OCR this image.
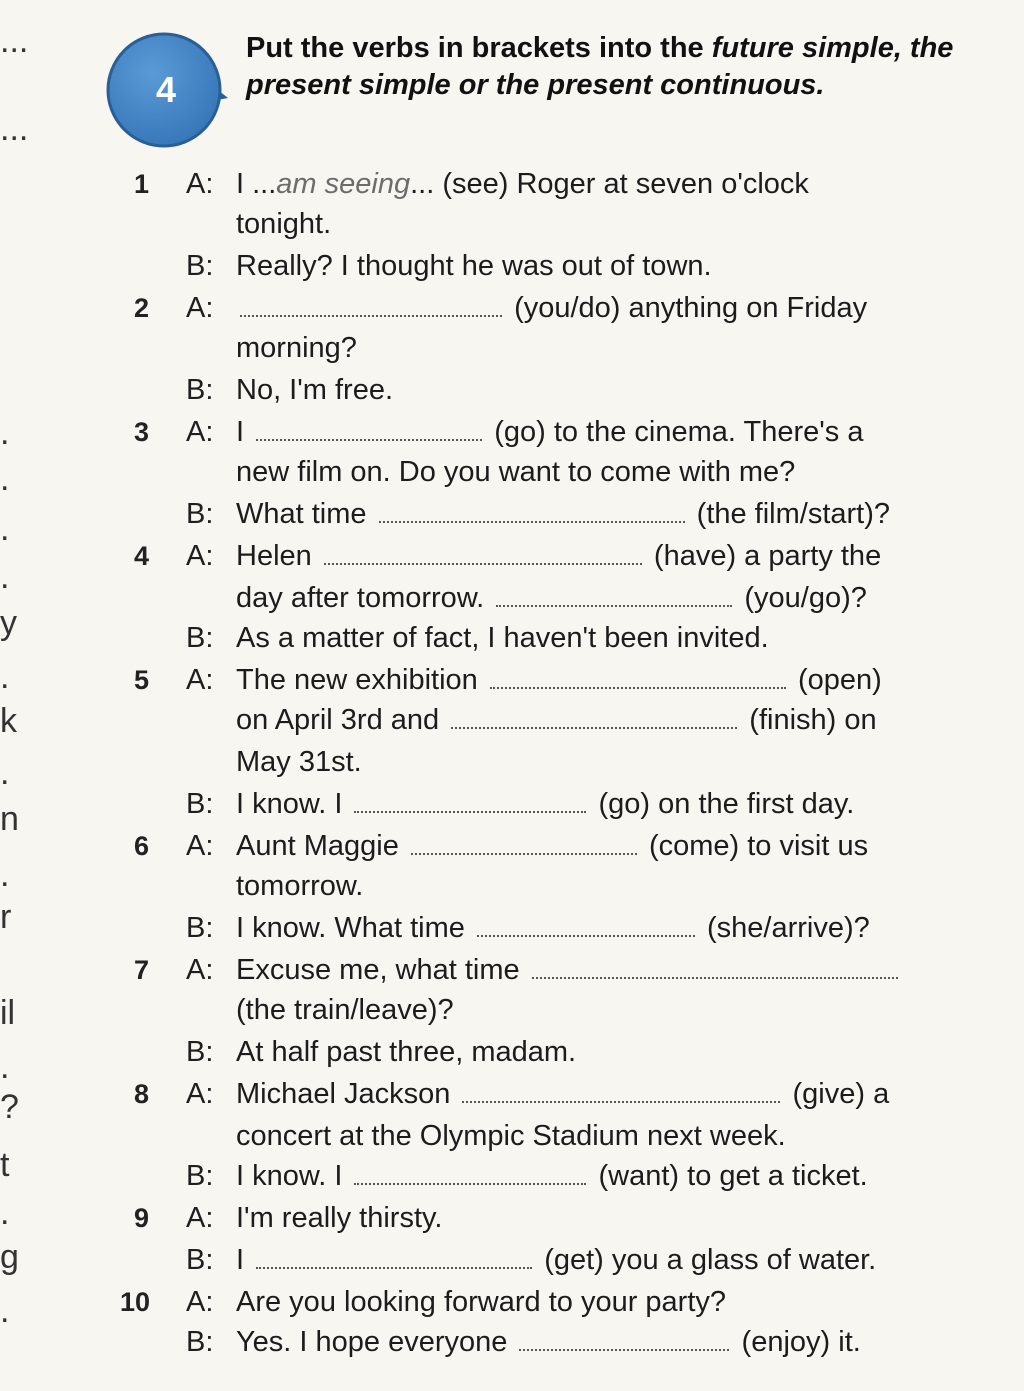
...
...
.
.
.
.
y
.
k
.
n
.
r
il
.
?
t
.
g
.
4
Put the verbs in brackets into the future simple, the present simple or the present continuous.
1 A: I ...am seeing... (see) Roger at seven o'clock
tonight.
B: Really? I thought he was out of town.
2 A:	(you/do) anything on Friday
morning?
B: No, I'm free.
3 A: I	(go) to the cinema. There's a
new film on. Do you want to come with me?
B: What time	(the film/start)?
4 A: Helen	(have) a party the
day after tomorrow.	(you/go)?
B: As a matter of fact, I haven't been invited.
5 A: The new exhibition	(open)
on April 3rd and	(finish) on
May 31st.
B: I know. I	(go) on the first day.
6 A: Aunt Maggie	(come) to visit us
tomorrow.
B: I know. What time	(she/arrive)?
7 A: Excuse me, what time
(the train/leave)?
B: At half past three, madam.
8 A: Michael Jackson	(give) a
concert at the Olympic Stadium next week.
B: I know. I	(want) to get a ticket.
9 A: I'm really thirsty.
B: I	(get) you a glass of water.
10 A: Are you looking forward to your party?
B: Yes. I hope everyone	(enjoy) it.
